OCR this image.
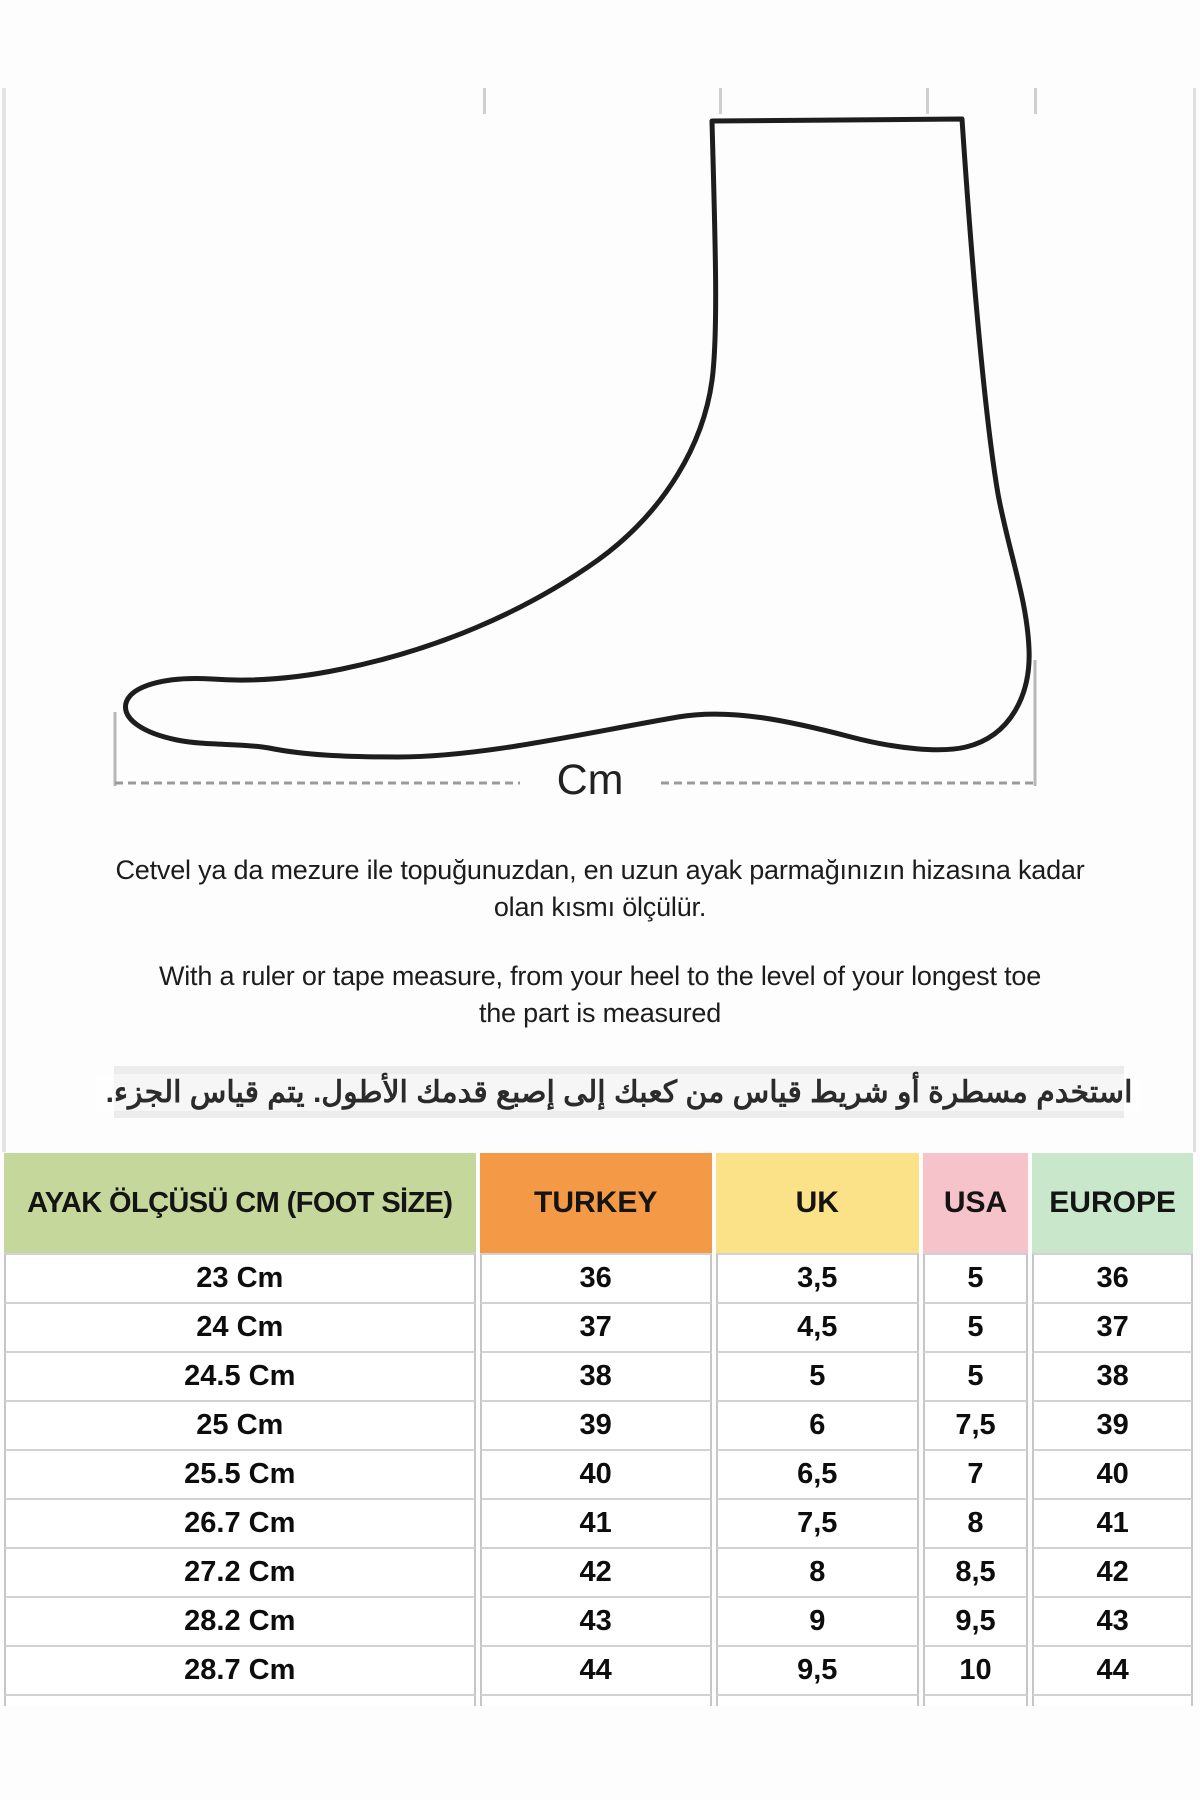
Cm
Cetvel ya da mezure ile topuğunuzdan, en uzun ayak parmağınızın hizasına kadar
olan kısmı ölçülür.
With a ruler or tape measure, from your heel to the level of your longest toe
the part is measured
استخدم مسطرة أو شريط قياس من كعبك إلى إصبع قدمك الأطول. يتم قياس الجزء.
AYAK ÖLÇÜSÜ CM (FOOT SİZE)	TURKEY	UK	USA	EUROPE
23 Cm	36	3,5	5	36
24 Cm	37	4,5	5	37
24.5 Cm	38	5	5	38
25 Cm	39	6	7,5	39
25.5 Cm	40	6,5	7	40
26.7 Cm	41	7,5	8	41
27.2 Cm	42	8	8,5	42
28.2 Cm	43	9	9,5	43
28.7 Cm	44	9,5	10	44
